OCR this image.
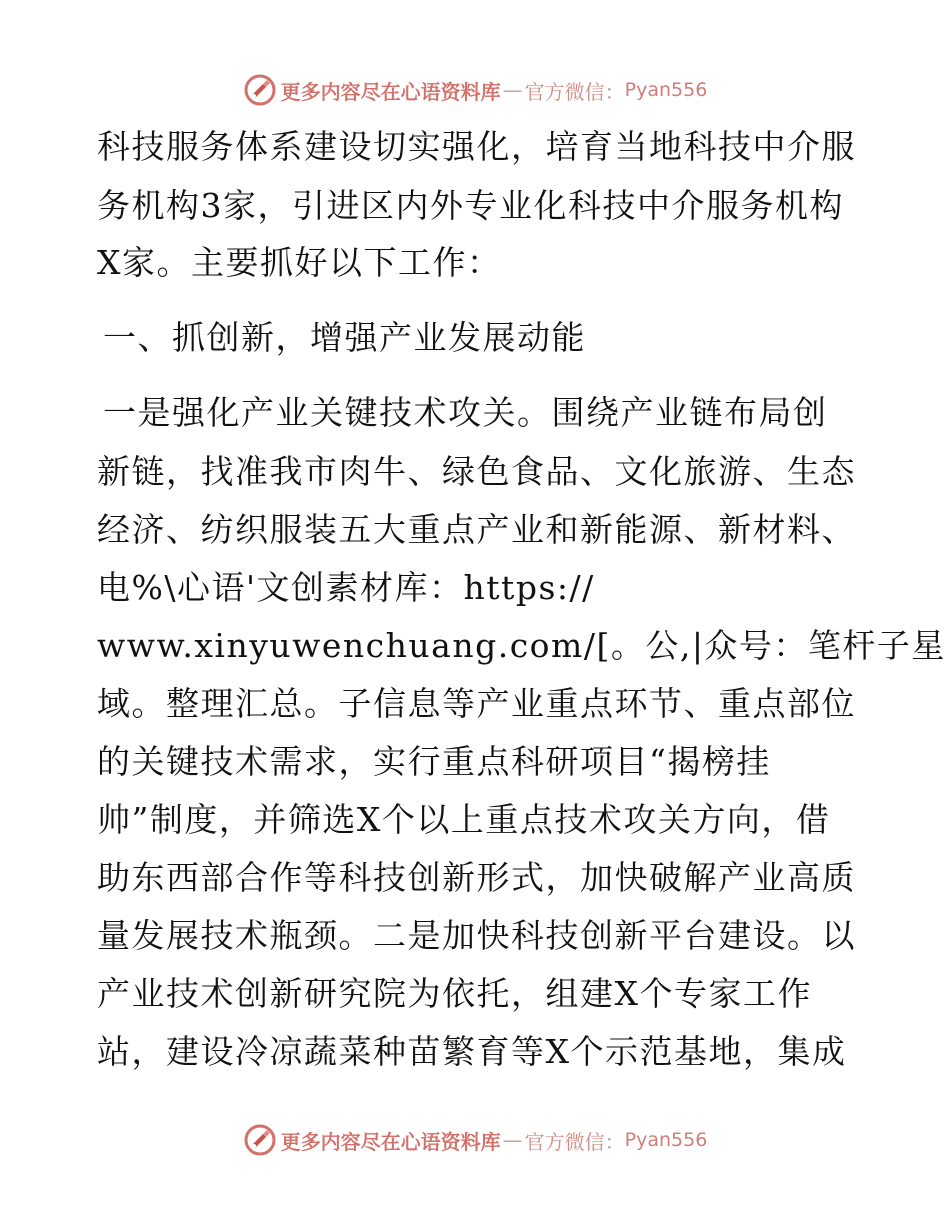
更多内容尽在心语资料库 — 官方微信： Pyan556
科技服务体系建设切实强化，培育当地科技中介服
务机构3家，引进区内外专业化科技中介服务机构
X家。主要抓好以下工作：
一、抓创新，增强产业发展动能
一是强化产业关键技术攻关。围绕产业链布局创
新链，找准我市肉牛、绿色食品、文化旅游、生态
经济、纺织服装五大重点产业和新能源、新材料、
电%\心语'文创素材库：https://
www.xinyuwenchuang.com/[。公,|众号：笔杆子星
域。整理汇总。子信息等产业重点环节、重点部位
的关键技术需求，实行重点科研项目“揭榜挂
帅”制度，并筛选X个以上重点技术攻关方向，借
助东西部合作等科技创新形式，加快破解产业高质
量发展技术瓶颈。二是加快科技创新平台建设。以
产业技术创新研究院为依托，组建X个专家工作
站，建设冷凉蔬菜种苗繁育等X个示范基地，集成
更多内容尽在心语资料库 — 官方微信： Pyan556
